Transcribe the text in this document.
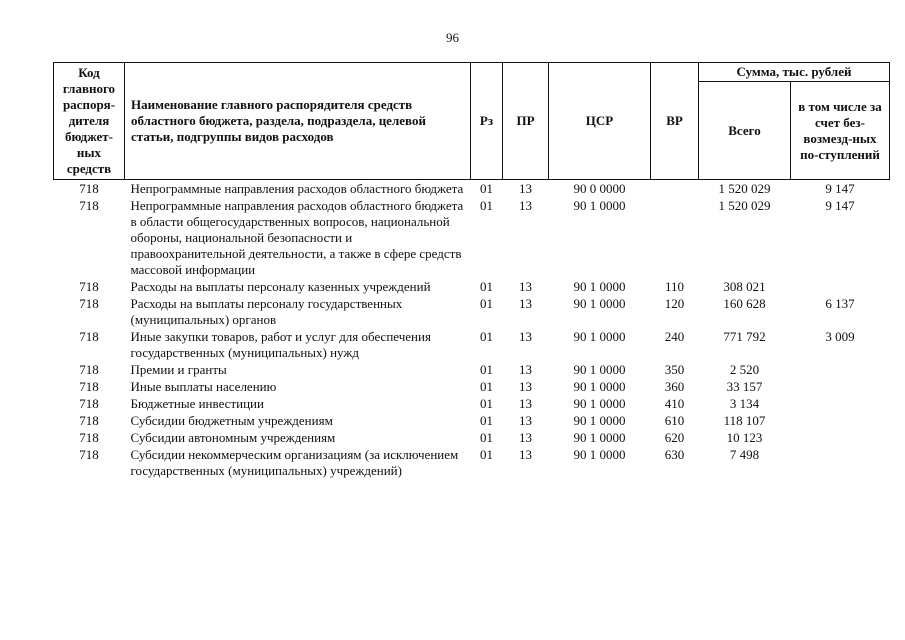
96
Код главного распоря-дителя бюджет-ных средств	Наименование главного распорядителя средств областного бюджета, раздела, подраздела, целевой статьи, подгруппы видов расходов	Рз	ПР	ЦСР	ВР	Сумма, тыс. рублей	
						Всего	в том числе за счет без-возмезд-ных по-ступлений
718	Непрограммные направления расходов областного бюджета	01	13	90 0 0000		1 520 029	9 147
718	Непрограммные направления расходов областного бюджета в области общегосударственных вопросов, национальной обороны, национальной безопасности и правоохранительной деятельности, а также в сфере средств массовой информации	01	13	90 1 0000		1 520 029	9 147
718	Расходы на выплаты персоналу казенных учреждений	01	13	90 1 0000	110	308 021	
718	Расходы на выплаты персоналу государственных (муниципальных) органов	01	13	90 1 0000	120	160 628	6 137
718	Иные закупки товаров, работ и услуг для обеспечения государственных (муниципальных) нужд	01	13	90 1 0000	240	771 792	3 009
718	Премии и гранты	01	13	90 1 0000	350	2 520	
718	Иные выплаты населению	01	13	90 1 0000	360	33 157	
718	Бюджетные инвестиции	01	13	90 1 0000	410	3 134	
718	Субсидии бюджетным учреждениям	01	13	90 1 0000	610	118 107	
718	Субсидии автономным учреждениям	01	13	90 1 0000	620	10 123	
718	Субсидии некоммерческим организациям (за исключением государственных (муниципальных) учреждений)	01	13	90 1 0000	630	7 498	
